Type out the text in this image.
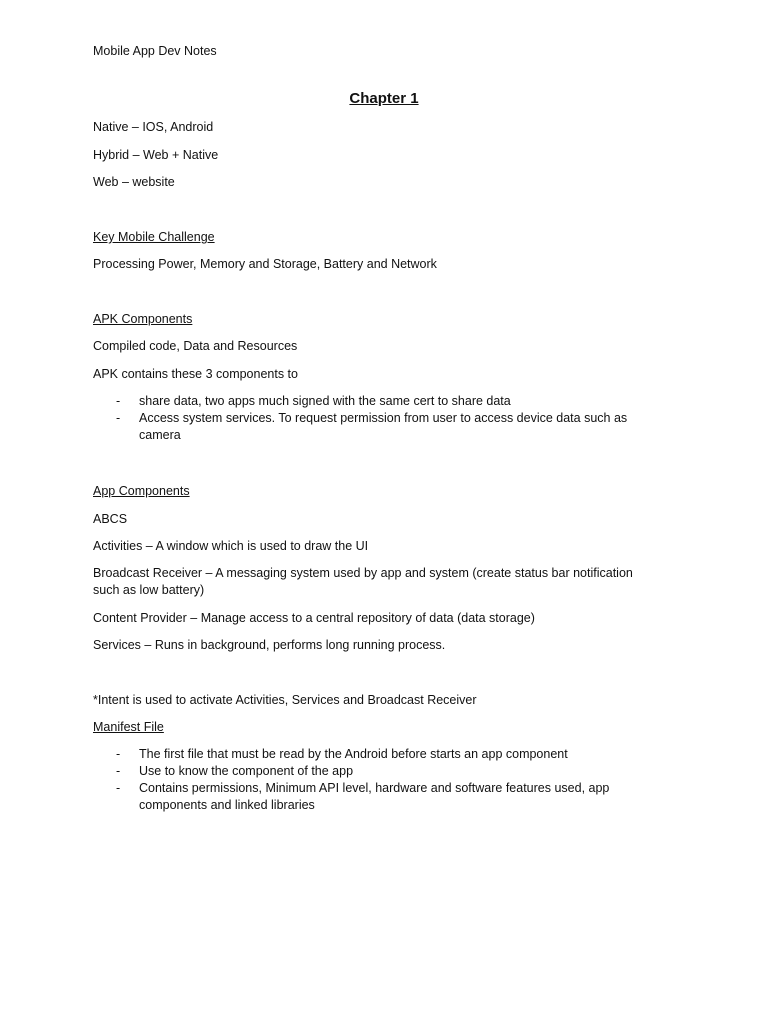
Mobile App Dev Notes
Chapter 1
Native – IOS, Android
Hybrid – Web + Native
Web – website
Key Mobile Challenge
Processing Power, Memory and Storage, Battery and Network
APK Components
Compiled code, Data and Resources
APK contains these 3 components to
- share data, two apps much signed with the same cert to share data
- Access system services. To request permission from user to access device data such as camera
App Components
ABCS
Activities – A window which is used to draw the UI
Broadcast Receiver – A messaging system used by app and system (create status bar notification such as low battery)
Content Provider – Manage access to a central repository of data (data storage)
Services – Runs in background, performs long running process.
*Intent is used to activate Activities, Services and Broadcast Receiver
Manifest File
- The first file that must be read by the Android before starts an app component
- Use to know the component of the app
- Contains permissions, Minimum API level, hardware and software features used, app components and linked libraries
